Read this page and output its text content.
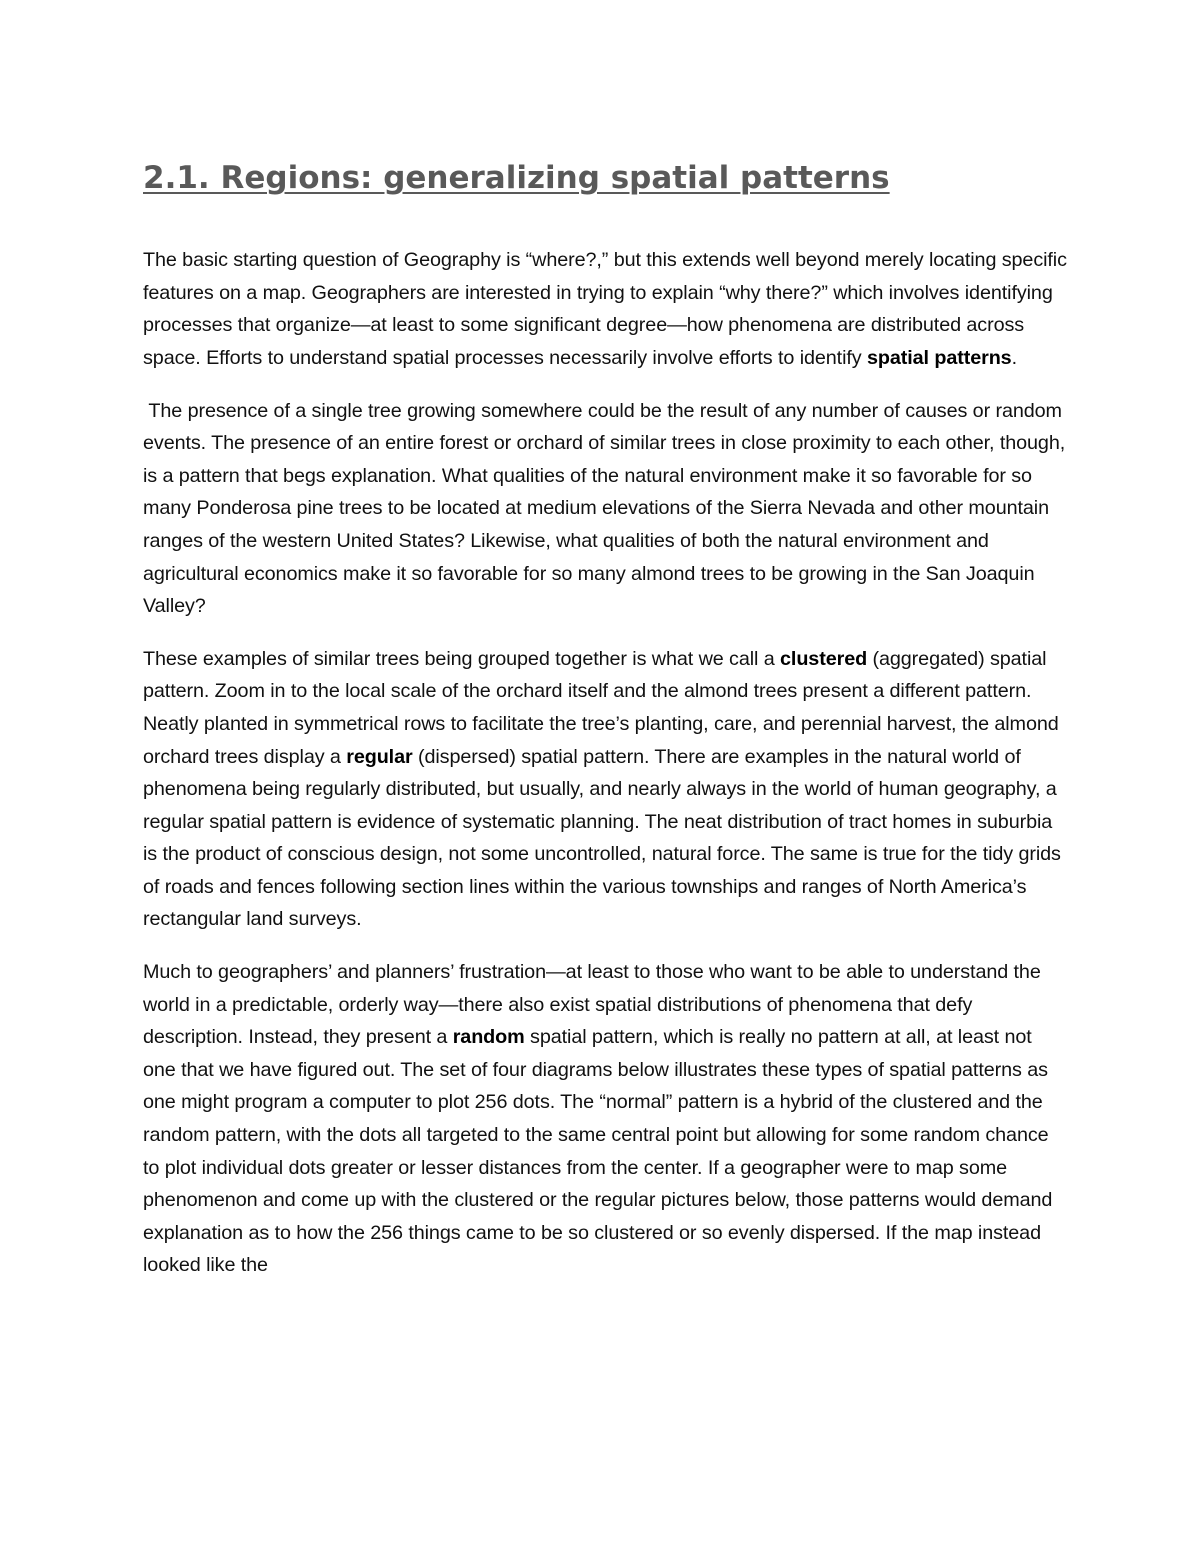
2.1. Regions: generalizing spatial patterns

The basic starting question of Geography is “where?,” but this extends well beyond merely locating specific features on a map. Geographers are interested in trying to explain “why there?” which involves identifying processes that organize—at least to some significant degree—how phenomena are distributed across space. Efforts to understand spatial processes necessarily involve efforts to identify spatial patterns.

The presence of a single tree growing somewhere could be the result of any number of causes or random events. The presence of an entire forest or orchard of similar trees in close proximity to each other, though, is a pattern that begs explanation. What qualities of the natural environment make it so favorable for so many Ponderosa pine trees to be located at medium elevations of the Sierra Nevada and other mountain ranges of the western United States? Likewise, what qualities of both the natural environment and agricultural economics make it so favorable for so many almond trees to be growing in the San Joaquin Valley?

These examples of similar trees being grouped together is what we call a clustered (aggregated) spatial pattern. Zoom in to the local scale of the orchard itself and the almond trees present a different pattern. Neatly planted in symmetrical rows to facilitate the tree’s planting, care, and perennial harvest, the almond orchard trees display a regular (dispersed) spatial pattern. There are examples in the natural world of phenomena being regularly distributed, but usually, and nearly always in the world of human geography, a regular spatial pattern is evidence of systematic planning. The neat distribution of tract homes in suburbia is the product of conscious design, not some uncontrolled, natural force. The same is true for the tidy grids of roads and fences following section lines within the various townships and ranges of North America’s rectangular land surveys.

Much to geographers’ and planners’ frustration—at least to those who want to be able to understand the world in a predictable, orderly way—there also exist spatial distributions of phenomena that defy description. Instead, they present a random spatial pattern, which is really no pattern at all, at least not one that we have figured out. The set of four diagrams below illustrates these types of spatial patterns as one might program a computer to plot 256 dots. The “normal” pattern is a hybrid of the clustered and the random pattern, with the dots all targeted to the same central point but allowing for some random chance to plot individual dots greater or lesser distances from the center. If a geographer were to map some phenomenon and come up with the clustered or the regular pictures below, those patterns would demand explanation as to how the 256 things came to be so clustered or so evenly dispersed. If the map instead looked like the
